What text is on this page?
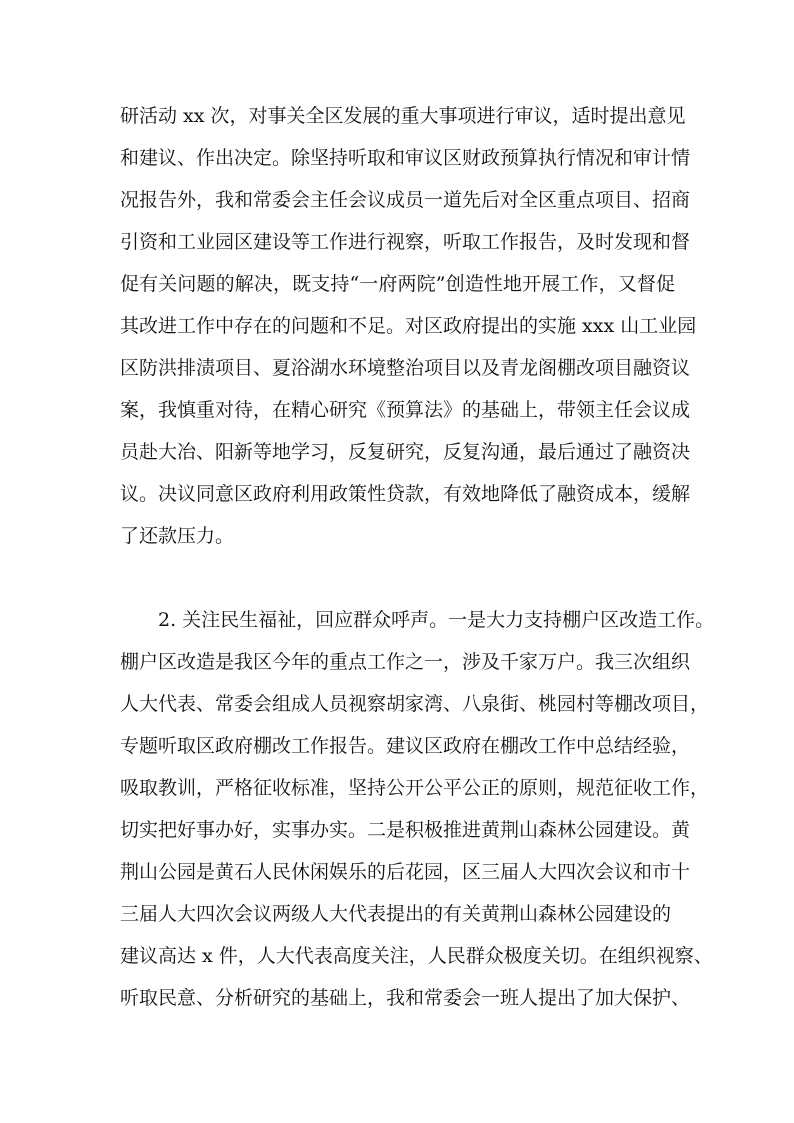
研活动 xx 次，对事关全区发展的重大事项进行审议，适时提出意见
和建议、作出决定。除坚持听取和审议区财政预算执行情况和审计情
况报告外，我和常委会主任会议成员一道先后对全区重点项目、招商
引资和工业园区建设等工作进行视察，听取工作报告，及时发现和督
促有关问题的解决，既支持“一府两院”创造性地开展工作，又督促
其改进工作中存在的问题和不足。对区政府提出的实施 xxx 山工业园
区防洪排渍项目、夏浴湖水环境整治项目以及青龙阁棚改项目融资议
案，我慎重对待，在精心研究《预算法》的基础上，带领主任会议成
员赴大冶、阳新等地学习，反复研究，反复沟通，最后通过了融资决
议。决议同意区政府利用政策性贷款，有效地降低了融资成本，缓解
了还款压力。
2. 关注民生福祉，回应群众呼声。一是大力支持棚户区改造工作。
棚户区改造是我区今年的重点工作之一，涉及千家万户。我三次组织
人大代表、常委会组成人员视察胡家湾、八泉街、桃园村等棚改项目，
专题听取区政府棚改工作报告。建议区政府在棚改工作中总结经验，
吸取教训，严格征收标准，坚持公开公平公正的原则，规范征收工作，
切实把好事办好，实事办实。二是积极推进黄荆山森林公园建设。黄
荆山公园是黄石人民休闲娱乐的后花园，区三届人大四次会议和市十
三届人大四次会议两级人大代表提出的有关黄荆山森林公园建设的
建议高达 x 件，人大代表高度关注，人民群众极度关切。在组织视察、
听取民意、分析研究的基础上，我和常委会一班人提出了加大保护、
